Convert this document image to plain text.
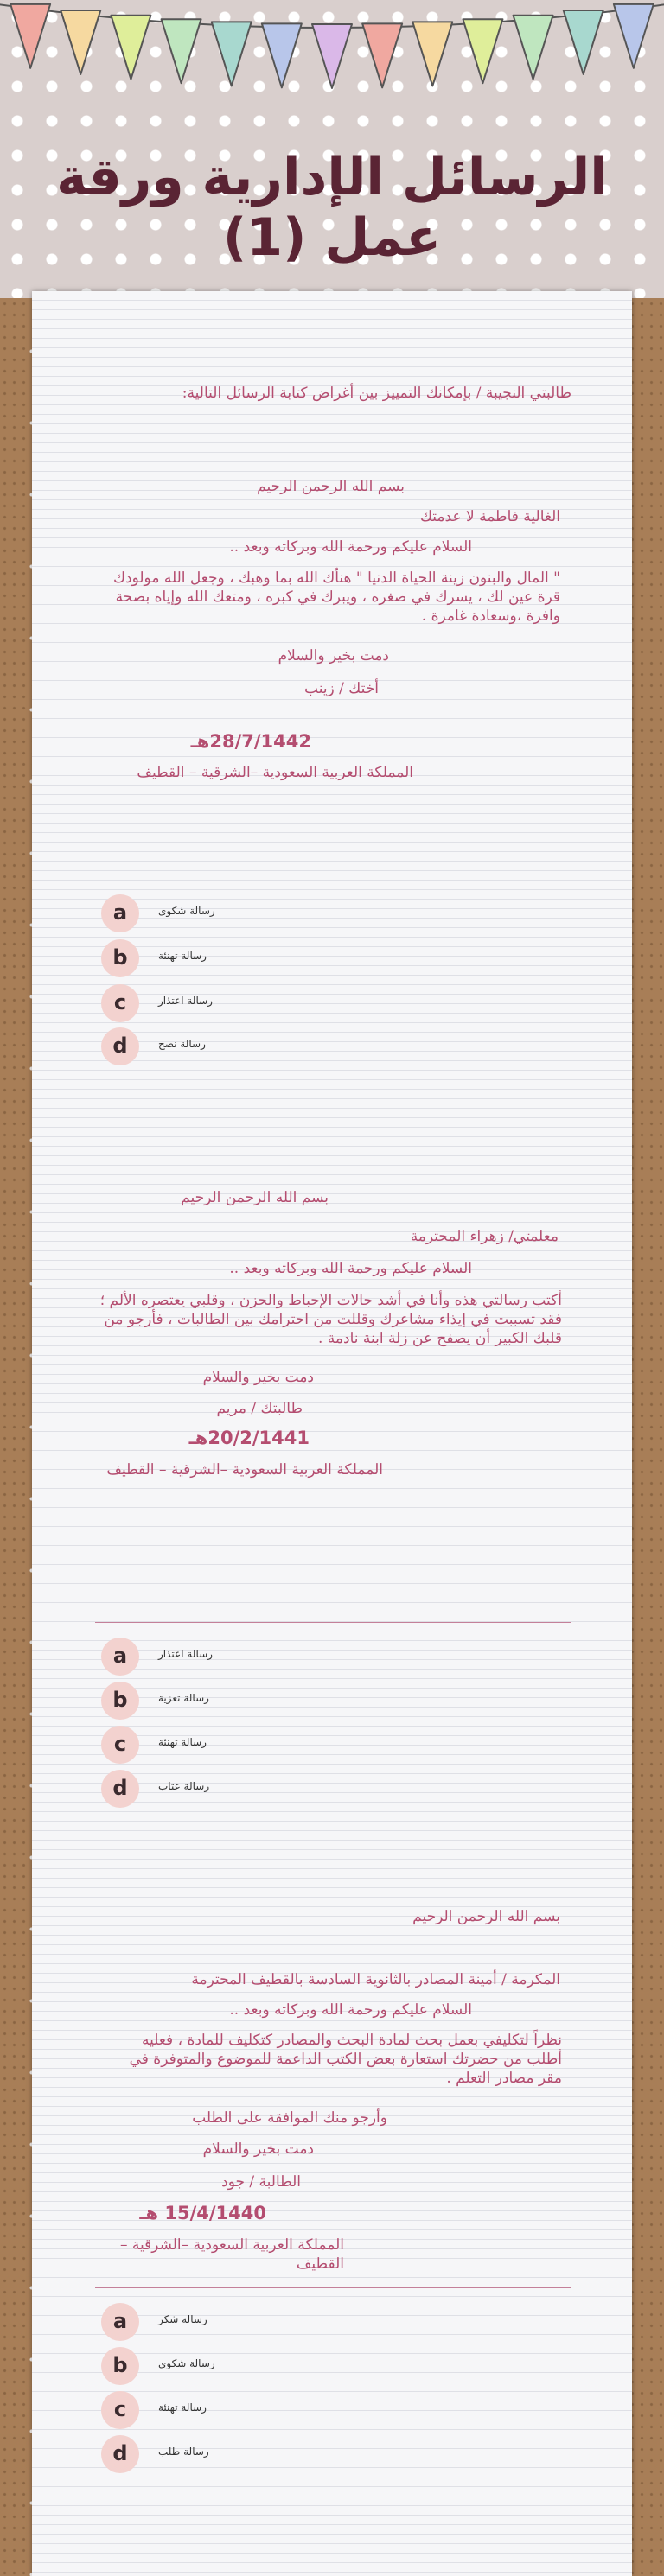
الرسائل الإدارية ورقة عمل (1)
طالبتي النجيبة / بإمكانك التمييز بين أغراض كتابة الرسائل التالية:
بسم الله الرحمن الرحيم
الغالية فاطمة لا عدمتك
السلام عليكم ورحمة الله وبركاته وبعد ..
" المال والبنون زينة الحياة الدنيا " هنأك الله بما وهبك ، وجعل الله مولودك قرة عين لك ، يسرك في صغره ، ويبرك في كبره ، ومتعك الله وإياه بصحة وافرة ،وسعادة غامرة .
دمت بخير والسلام
أختك / زينب
28/7/1442هـ
المملكة العربية السعودية –الشرقية – القطيف
a	رسالة شكوى
b	رسالة تهنئة
c	رسالة اعتذار
d	رسالة نصح
بسم الله الرحمن الرحيم
معلمتي/ زهراء المحترمة
السلام عليكم ورحمة الله وبركاته وبعد ..
أكتب رسالتي هذه وأنا في أشد حالات الإحباط والحزن ، وقلبي يعتصره الألم ؛ فقد تسببت في إيذاء مشاعرك وقللت من احترامك بين الطالبات ، فأرجو من قلبك الكبير أن يصفح عن زلة ابنة نادمة .
دمت بخير والسلام
طالبتك / مريم
20/2/1441هـ
المملكة العربية السعودية –الشرقية – القطيف
a	رسالة اعتذار
b	رسالة تعزية
c	رسالة تهنئة
d	رسالة عتاب
بسم الله الرحمن الرحيم
المكرمة / أمينة المصادر بالثانوية السادسة بالقطيف المحترمة
السلام عليكم ورحمة الله وبركاته وبعد ..
نظراً لتكليفي بعمل بحث لمادة البحث والمصادر كتكليف للمادة ، فعليه أطلب من حضرتك استعارة بعض الكتب الداعمة للموضوع والمتوفرة في مقر مصادر التعلم .
وأرجو منك الموافقة على الطلب
دمت بخير والسلام
الطالبة / جود
15/4/1440 هـ
المملكة العربية السعودية –الشرقية – القطيف
a	رسالة شكر
b	رسالة شكوى
c	رسالة تهنئة
d	رسالة طلب
